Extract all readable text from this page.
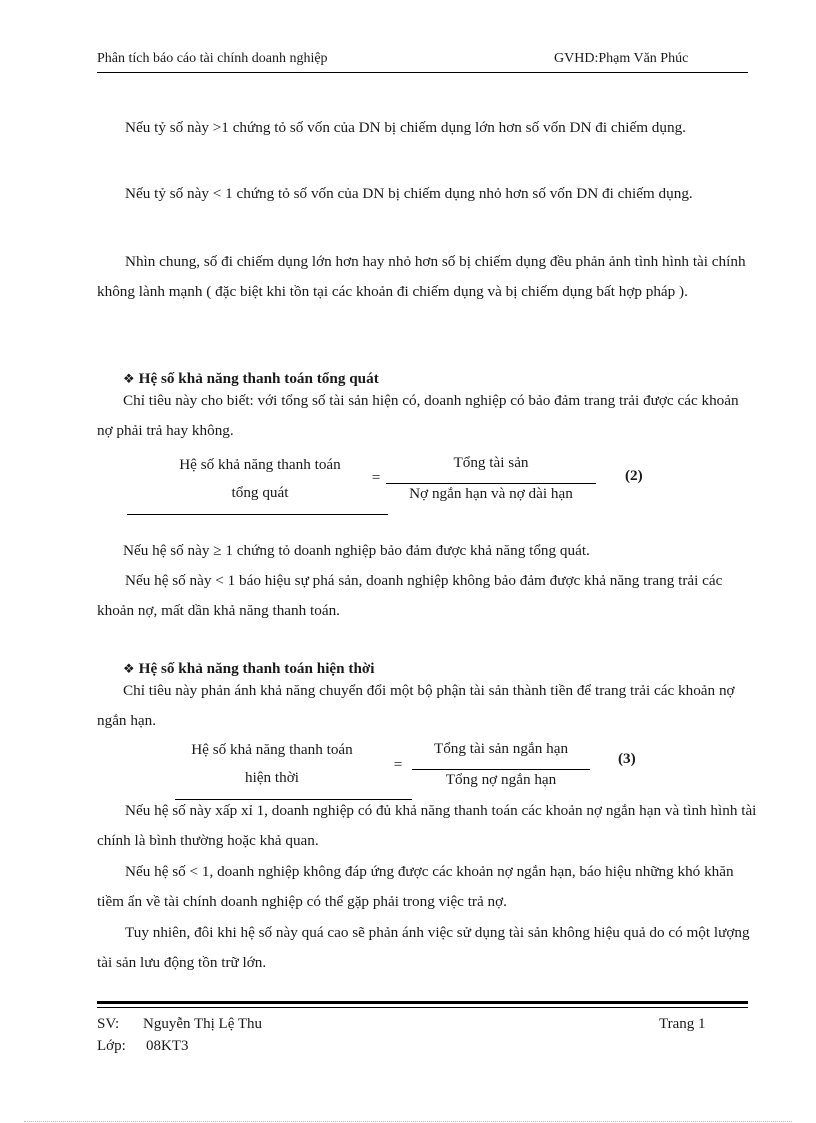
Phân tích báo cáo tài chính doanh nghiệp	GVHD:Phạm Văn Phúc

Nếu tỷ số này >1 chứng tỏ số vốn của DN bị chiếm dụng lớn hơn số vốn DN đi chiếm dụng.

Nếu tỷ số này < 1 chứng tỏ số vốn của DN bị chiếm dụng nhỏ hơn số vốn DN đi chiếm dụng.

Nhìn chung, số đi chiếm dụng lớn hơn hay nhỏ hơn số bị chiếm dụng đều phản ảnh tình hình tài chính không lành mạnh ( đặc biệt khi tồn tại các khoản đi chiếm dụng và bị chiếm dụng bất hợp pháp ).

❖ Hệ số khả năng thanh toán tổng quát

Chỉ tiêu này cho biết: với tổng số tài sản hiện có, doanh nghiệp có bảo đảm trang trải được các khoản nợ phải trả hay không.

Hệ số khả năng thanh toán
tổng quát
=
Tổng tài sản
Nợ ngắn hạn và nợ dài hạn
(2)

Nếu hệ số này ≥ 1 chứng tỏ doanh nghiệp bảo đảm được khả năng tổng quát.

Nếu hệ số này < 1 báo hiệu sự phá sản, doanh nghiệp không bảo đảm được khả năng trang trải các khoản nợ, mất dần khả năng thanh toán.

❖ Hệ số khả năng thanh toán hiện thời

Chỉ tiêu này phản ánh khả năng chuyển đổi một bộ phận tài sản thành tiền để trang trải các khoản nợ ngắn hạn.

Hệ số khả năng thanh toán
hiện thời
=
Tổng tài sản ngắn hạn
Tổng nợ ngắn hạn
(3)

Nếu hệ số này xấp xỉ 1, doanh nghiệp có đủ khả năng thanh toán các khoản nợ ngắn hạn và tình hình tài chính là bình thường hoặc khả quan.

Nếu hệ số < 1, doanh nghiệp không đáp ứng được các khoản nợ ngắn hạn, báo hiệu những khó khăn tiềm ẩn về tài chính doanh nghiệp có thể gặp phải trong việc trả nợ.

Tuy nhiên, đôi khi hệ số này quá cao sẽ phản ánh việc sử dụng tài sản không hiệu quả do có một lượng tài sản lưu động tồn trữ lớn.

SV: Nguyễn Thị Lệ Thu	Trang 1
Lớp: 08KT3
